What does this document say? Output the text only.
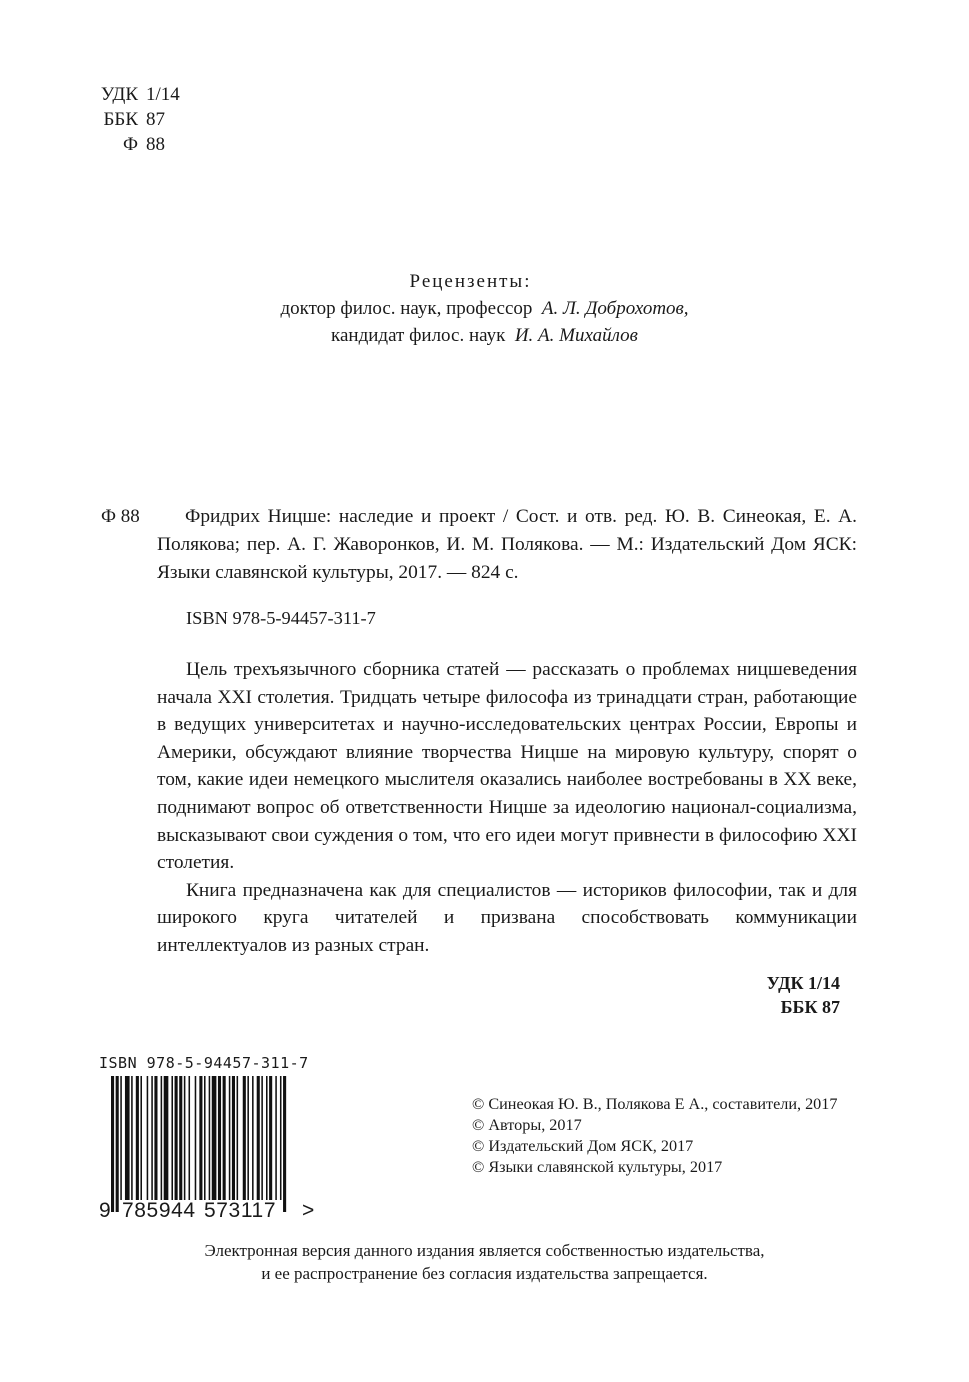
УДК 1/14
ББК 87
Ф 88
Рецензенты:
доктор филос. наук, профессор А. Л. Доброхотов,
кандидат филос. наук И. А. Михайлов
Ф 88	Фридрих Ницше: наследие и проект / Сост. и отв. ред. Ю. В. Синеокая, Е. А. Полякова; пер. А. Г. Жаворонков, И. М. Полякова. — М.: Издательский Дом ЯСК: Языки славянской культуры, 2017. — 824 с.
ISBN 978-5-94457-311-7

Цель трехъязычного сборника статей — рассказать о проблемах ницшеведения начала XXI столетия. Тридцать четыре философа из тринадцати стран, работающие в ведущих университетах и научно-исследовательских центрах России, Европы и Америки, обсуждают влияние творчества Ницше на мировую культуру, спорят о том, какие идеи немецкого мыслителя оказались наиболее востребованы в XX веке, поднимают вопрос об ответственности Ницше за идеологию национал-социализма, высказывают свои суждения о том, что его идеи могут привнести в философию XXI столетия.

Книга предназначена как для специалистов — историков философии, так и для широкого круга читателей и призвана способствовать коммуникации интеллектуалов из разных стран.

УДК 1/14
ББК 87
ISBN 978-5-94457-311-7
9 785944 573117 >
© Синеокая Ю. В., Полякова Е А., составители, 2017
© Авторы, 2017
© Издательский Дом ЯСК, 2017
© Языки славянской культуры, 2017
Электронная версия данного издания является собственностью издательства,
и ее распространение без согласия издательства запрещается.
